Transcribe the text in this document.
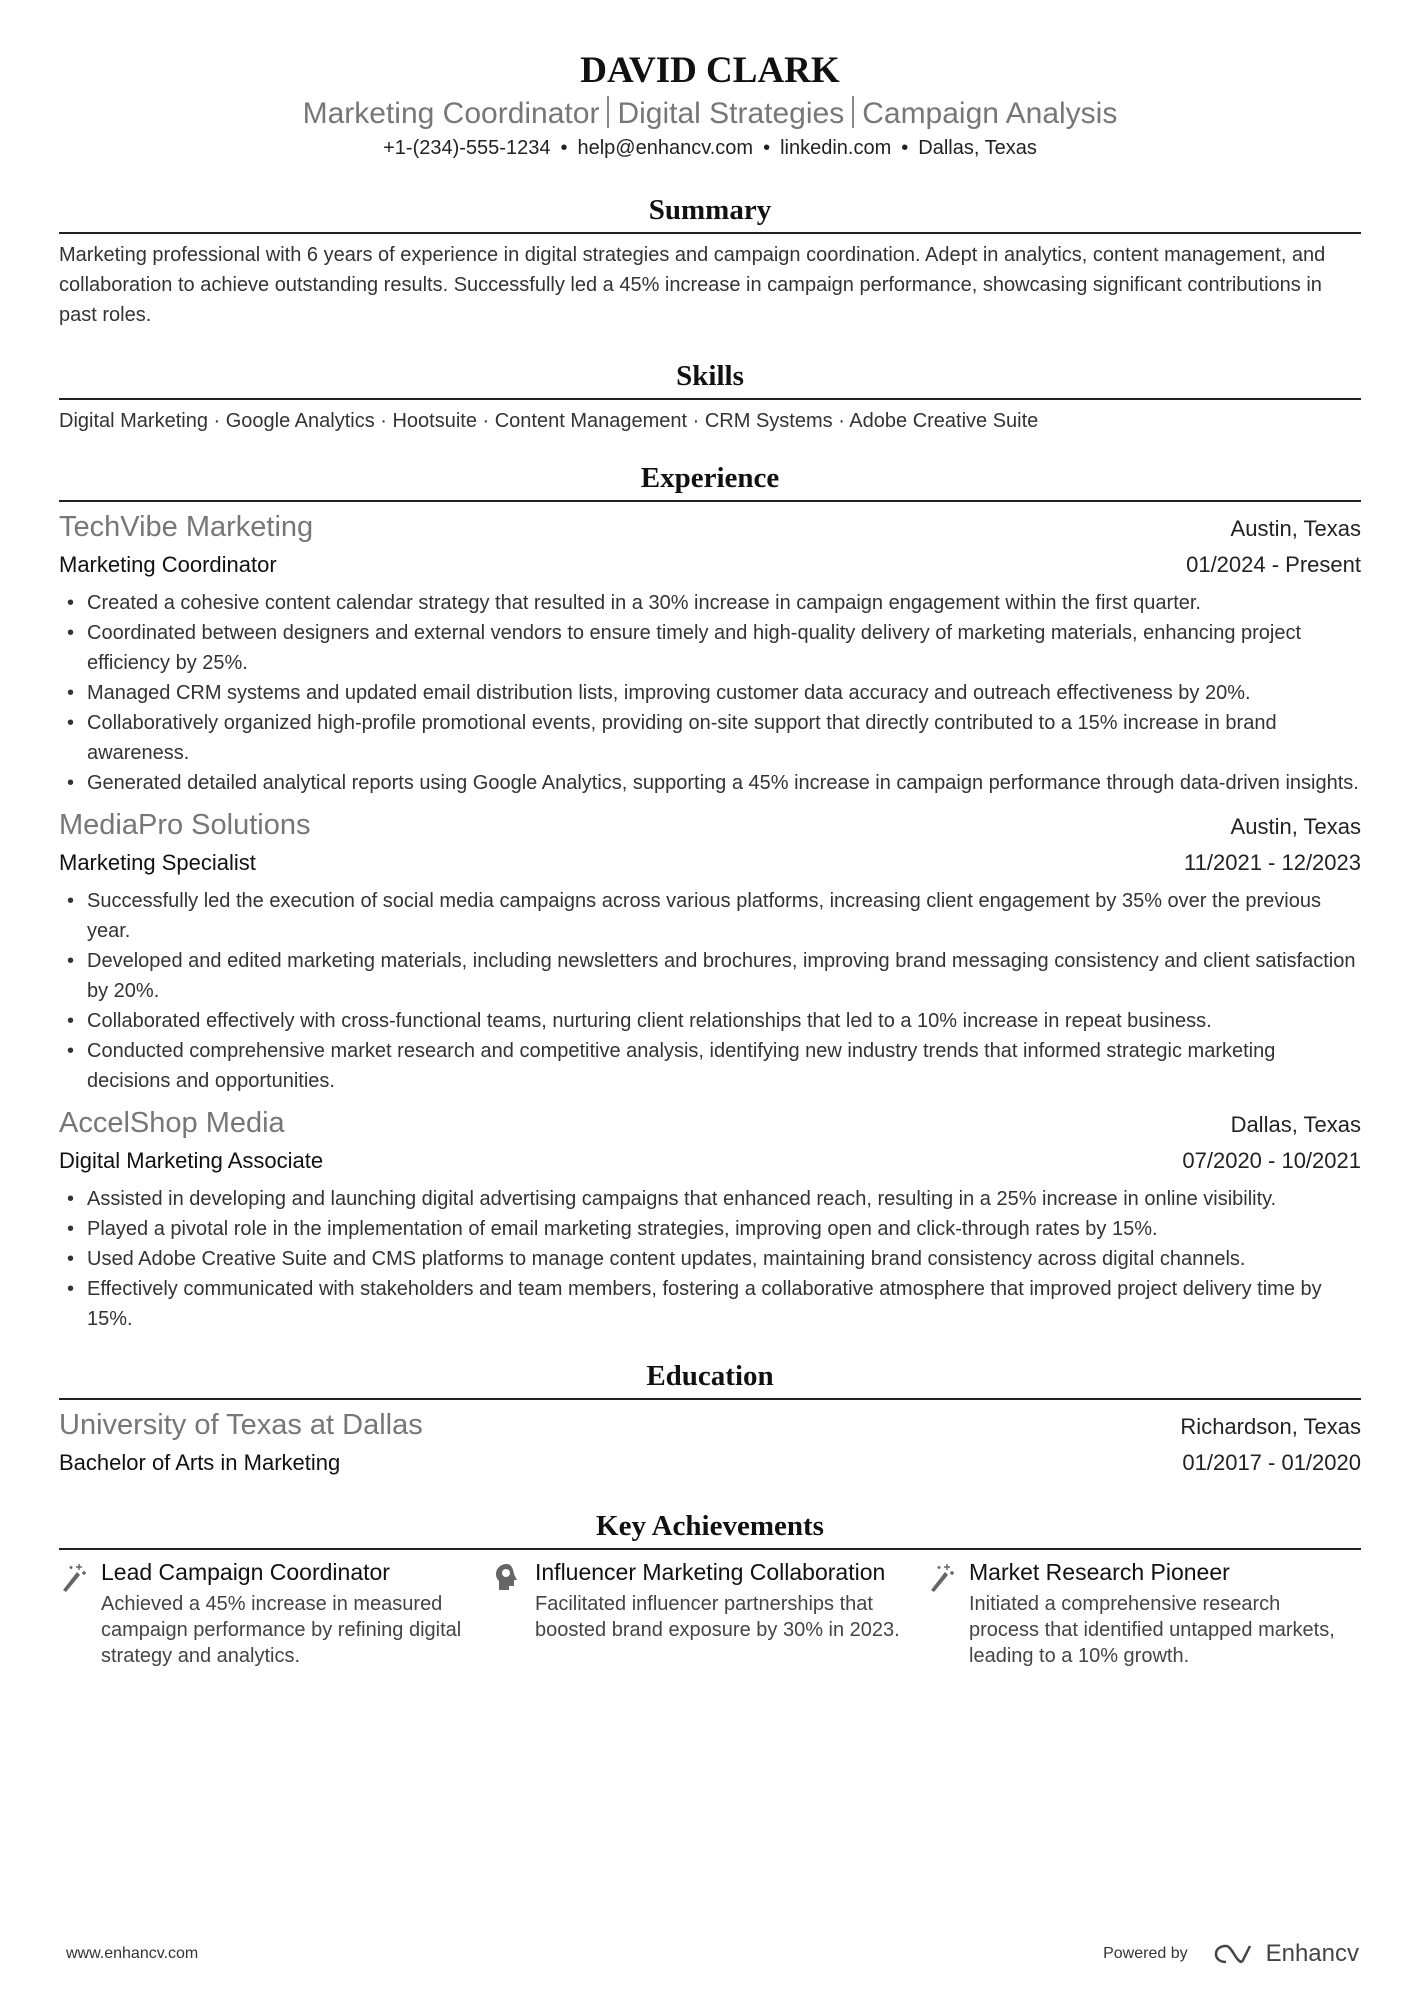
DAVID CLARK
Marketing Coordinator Digital Strategies Campaign Analysis
+1-(234)-555-1234 • help@enhancv.com • linkedin.com • Dallas, Texas
Summary
Marketing professional with 6 years of experience in digital strategies and campaign coordination. Adept in analytics, content management, and collaboration to achieve outstanding results. Successfully led a 45% increase in campaign performance, showcasing significant contributions in past roles.
Skills
Digital Marketing · Google Analytics · Hootsuite · Content Management · CRM Systems · Adobe Creative Suite
Experience
TechVibe Marketing	Austin, Texas
Marketing Coordinator	01/2024 - Present
• Created a cohesive content calendar strategy that resulted in a 30% increase in campaign engagement within the first quarter.
• Coordinated between designers and external vendors to ensure timely and high-quality delivery of marketing materials, enhancing project efficiency by 25%.
• Managed CRM systems and updated email distribution lists, improving customer data accuracy and outreach effectiveness by 20%.
• Collaboratively organized high-profile promotional events, providing on-site support that directly contributed to a 15% increase in brand awareness.
• Generated detailed analytical reports using Google Analytics, supporting a 45% increase in campaign performance through data-driven insights.
MediaPro Solutions	Austin, Texas
Marketing Specialist	11/2021 - 12/2023
• Successfully led the execution of social media campaigns across various platforms, increasing client engagement by 35% over the previous year.
• Developed and edited marketing materials, including newsletters and brochures, improving brand messaging consistency and client satisfaction by 20%.
• Collaborated effectively with cross-functional teams, nurturing client relationships that led to a 10% increase in repeat business.
• Conducted comprehensive market research and competitive analysis, identifying new industry trends that informed strategic marketing decisions and opportunities.
AccelShop Media	Dallas, Texas
Digital Marketing Associate	07/2020 - 10/2021
• Assisted in developing and launching digital advertising campaigns that enhanced reach, resulting in a 25% increase in online visibility.
• Played a pivotal role in the implementation of email marketing strategies, improving open and click-through rates by 15%.
• Used Adobe Creative Suite and CMS platforms to manage content updates, maintaining brand consistency across digital channels.
• Effectively communicated with stakeholders and team members, fostering a collaborative atmosphere that improved project delivery time by 15%.
Education
University of Texas at Dallas	Richardson, Texas
Bachelor of Arts in Marketing	01/2017 - 01/2020
Key Achievements
Lead Campaign Coordinator
Achieved a 45% increase in measured campaign performance by refining digital strategy and analytics.
Influencer Marketing Collaboration
Facilitated influencer partnerships that boosted brand exposure by 30% in 2023.
Market Research Pioneer
Initiated a comprehensive research process that identified untapped markets, leading to a 10% growth.
www.enhancv.com	Powered by	Enhancv
